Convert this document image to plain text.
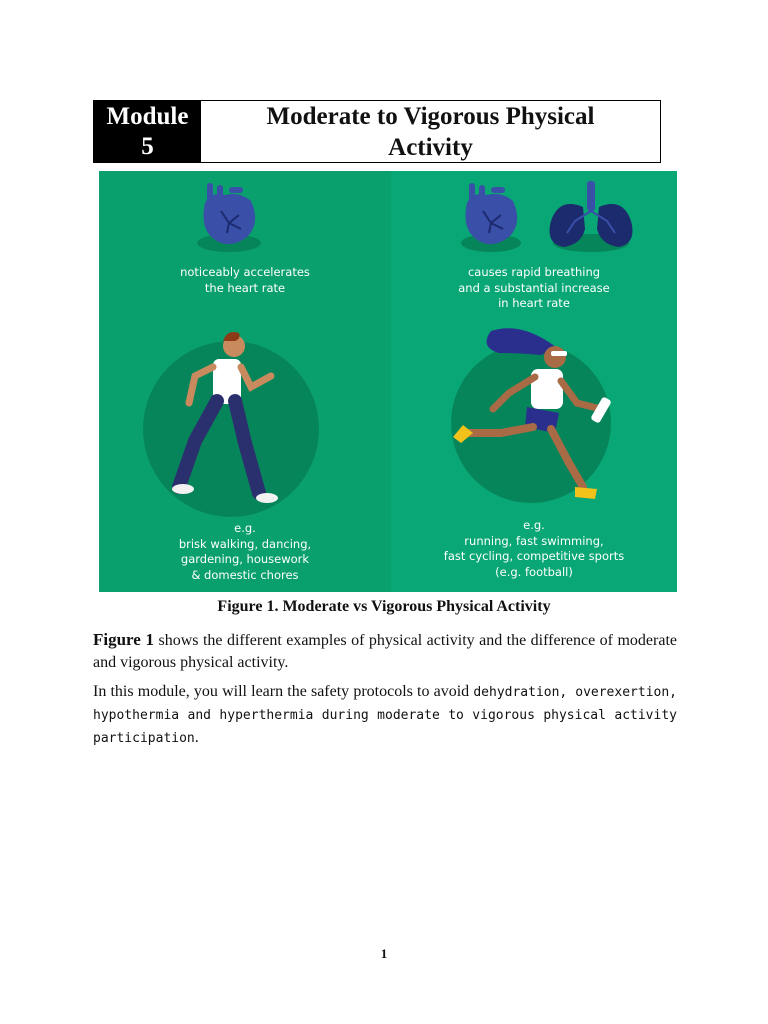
Module
5
Moderate to Vigorous Physical
Activity
noticeably accelerates
the heart rate
e.g.
brisk walking, dancing,
gardening, housework
& domestic chores
causes rapid breathing
and a substantial increase
in heart rate
e.g.
running, fast swimming,
fast cycling, competitive sports
(e.g. football)
Figure 1. Moderate vs Vigorous Physical Activity
Figure 1 shows the different examples of physical activity and the difference of moderate and vigorous physical activity.
In this module, you will learn the safety protocols to avoid dehydration, overexertion, hypothermia and hyperthermia during moderate to vigorous physical activity participation.
1
